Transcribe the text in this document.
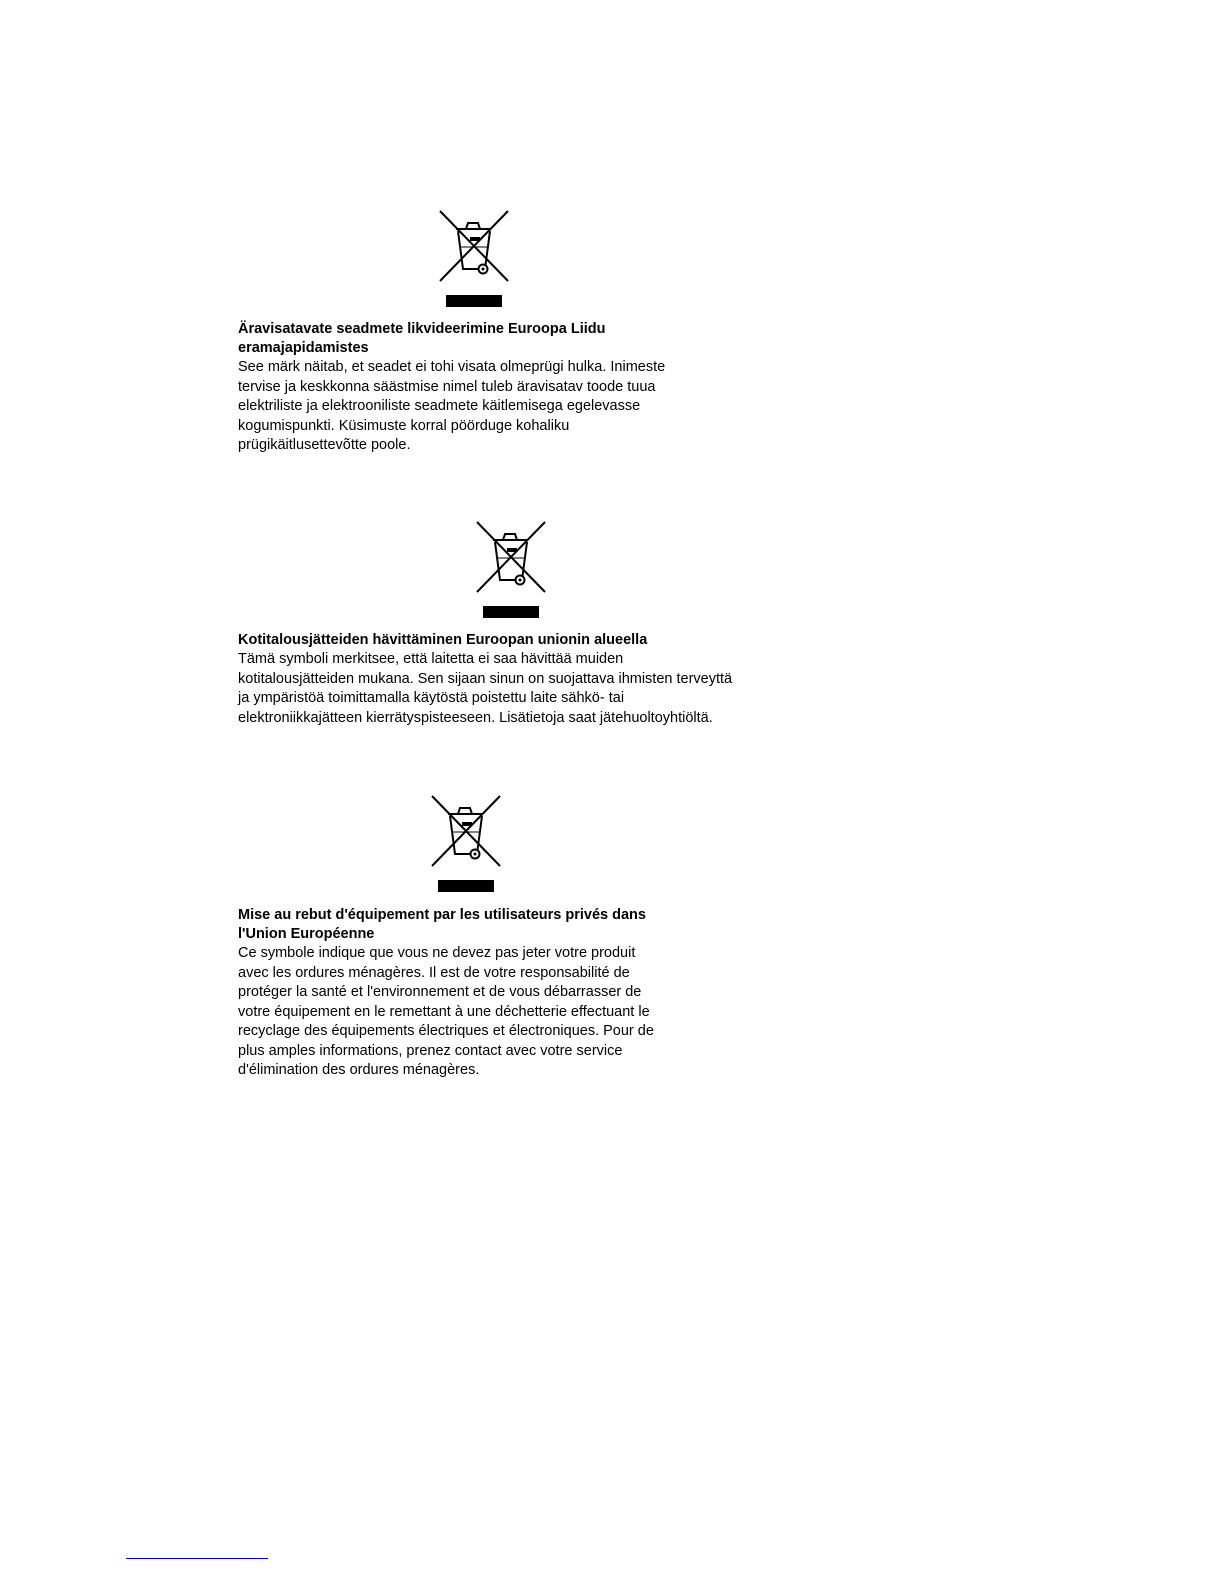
Äravisatavate seadmete likvideerimine Euroopa Liidu
eramajapidamistes

See märk näitab, et seadet ei tohi visata olmeprügi hulka. Inimeste
tervise ja keskkonna säästmise nimel tuleb äravisatav toode tuua
elektriliste ja elektrooniliste seadmete käitlemisega egelevasse
kogumispunkti. Küsimuste korral pöörduge kohaliku
prügikäitlusettevõtte poole.

Kotitalousjätteiden hävittäminen Euroopan unionin alueella

Tämä symboli merkitsee, että laitetta ei saa hävittää muiden
kotitalousjätteiden mukana. Sen sijaan sinun on suojattava ihmisten terveyttä
ja ympäristöä toimittamalla käytöstä poistettu laite sähkö- tai
elektroniikkajätteen kierrätyspisteeseen. Lisätietoja saat jätehuoltoyhtiöltä.

Mise au rebut d'équipement par les utilisateurs privés dans
l'Union Européenne

Ce symbole indique que vous ne devez pas jeter votre produit
avec les ordures ménagères. Il est de votre responsabilité de
protéger la santé et l'environnement et de vous débarrasser de
votre équipement en le remettant à une déchetterie effectuant le
recyclage des équipements électriques et électroniques. Pour de
plus amples informations, prenez contact avec votre service
d'élimination des ordures ménagères.
